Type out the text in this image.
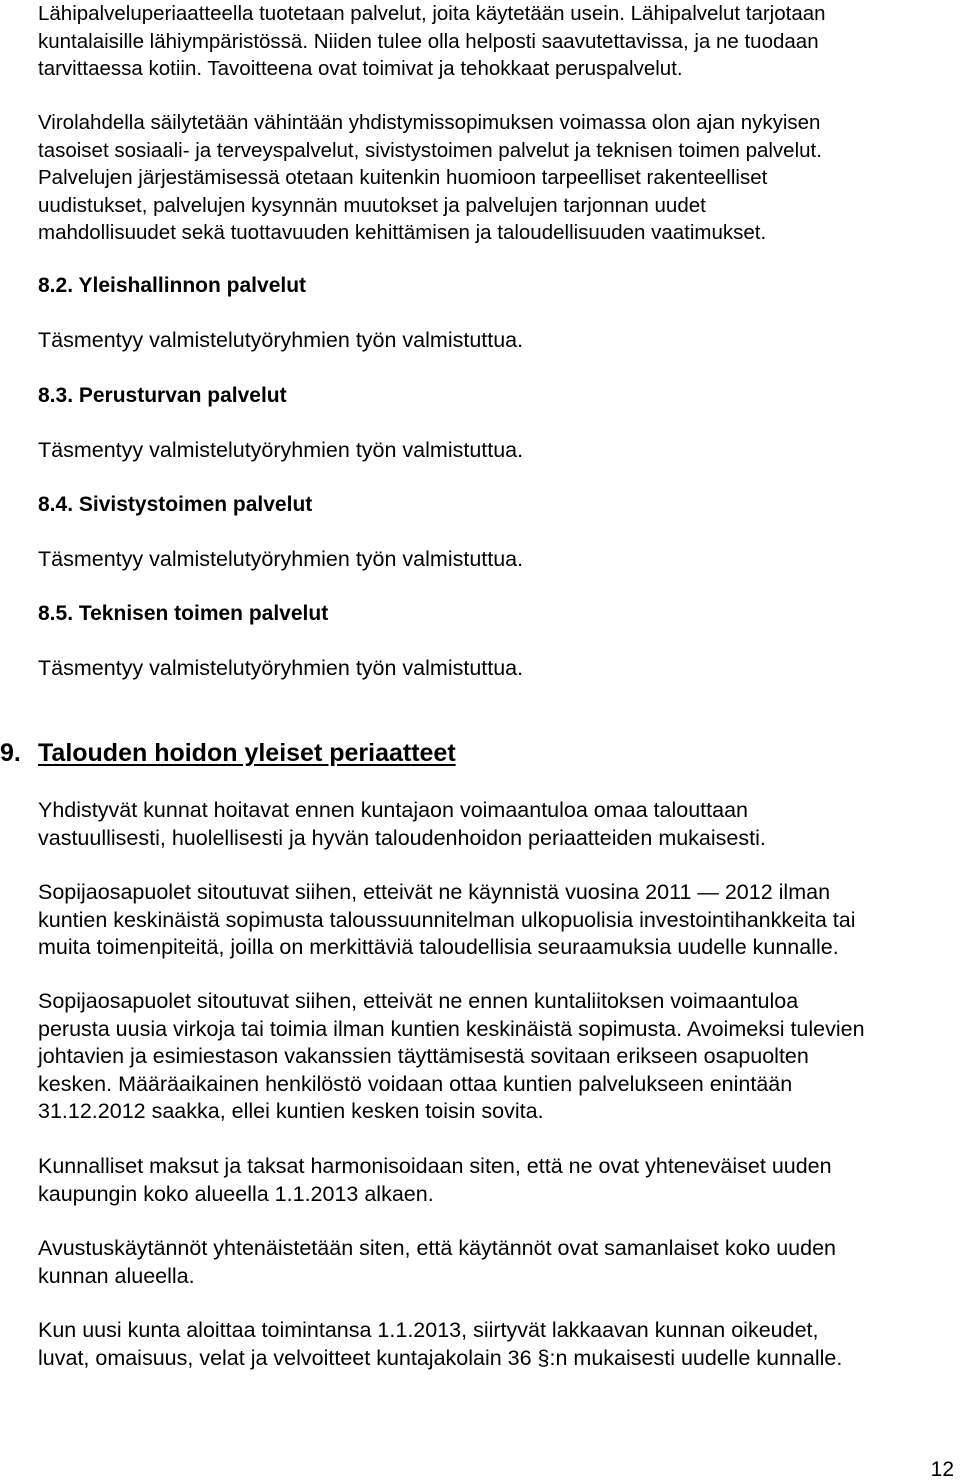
Lähipalveluperiaatteella tuotetaan palvelut, joita käytetään usein. Lähipalvelut tarjotaan
kuntalaisille lähiympäristössä. Niiden tulee olla helposti saavutettavissa, ja ne tuodaan
tarvittaessa kotiin. Tavoitteena ovat toimivat ja tehokkaat peruspalvelut.

Virolahdella säilytetään vähintään yhdistymissopimuksen voimassa olon ajan nykyisen
tasoiset sosiaali- ja terveyspalvelut, sivistystoimen palvelut ja teknisen toimen palvelut.
Palvelujen järjestämisessä otetaan kuitenkin huomioon tarpeelliset rakenteelliset
uudistukset, palvelujen kysynnän muutokset ja palvelujen tarjonnan uudet
mahdollisuudet sekä tuottavuuden kehittämisen ja taloudellisuuden vaatimukset.

8.2. Yleishallinnon palvelut

Täsmentyy valmistelutyöryhmien työn valmistuttua.

8.3. Perusturvan palvelut

Täsmentyy valmistelutyöryhmien työn valmistuttua.

8.4. Sivistystoimen palvelut

Täsmentyy valmistelutyöryhmien työn valmistuttua.

8.5. Teknisen toimen palvelut

Täsmentyy valmistelutyöryhmien työn valmistuttua.

9. Talouden hoidon yleiset periaatteet

Yhdistyvät kunnat hoitavat ennen kuntajaon voimaantuloa omaa talouttaan
vastuullisesti, huolellisesti ja hyvän taloudenhoidon periaatteiden mukaisesti.

Sopijaosapuolet sitoutuvat siihen, etteivät ne käynnistä vuosina 2011 — 2012 ilman
kuntien keskinäistä sopimusta taloussuunnitelman ulkopuolisia investointihankkeita tai
muita toimenpiteitä, joilla on merkittäviä taloudellisia seuraamuksia uudelle kunnalle.

Sopijaosapuolet sitoutuvat siihen, etteivät ne ennen kuntaliitoksen voimaantuloa
perusta uusia virkoja tai toimia ilman kuntien keskinäistä sopimusta. Avoimeksi tulevien
johtavien ja esimiestason vakanssien täyttämisestä sovitaan erikseen osapuolten
kesken. Määräaikainen henkilöstö voidaan ottaa kuntien palvelukseen enintään
31.12.2012 saakka, ellei kuntien kesken toisin sovita.

Kunnalliset maksut ja taksat harmonisoidaan siten, että ne ovat yhteneväiset uuden
kaupungin koko alueella 1.1.2013 alkaen.

Avustuskäytännöt yhtenäistetään siten, että käytännöt ovat samanlaiset koko uuden
kunnan alueella.

Kun uusi kunta aloittaa toimintansa 1.1.2013, siirtyvät lakkaavan kunnan oikeudet,
luvat, omaisuus, velat ja velvoitteet kuntajakolain 36 §:n mukaisesti uudelle kunnalle.

12
